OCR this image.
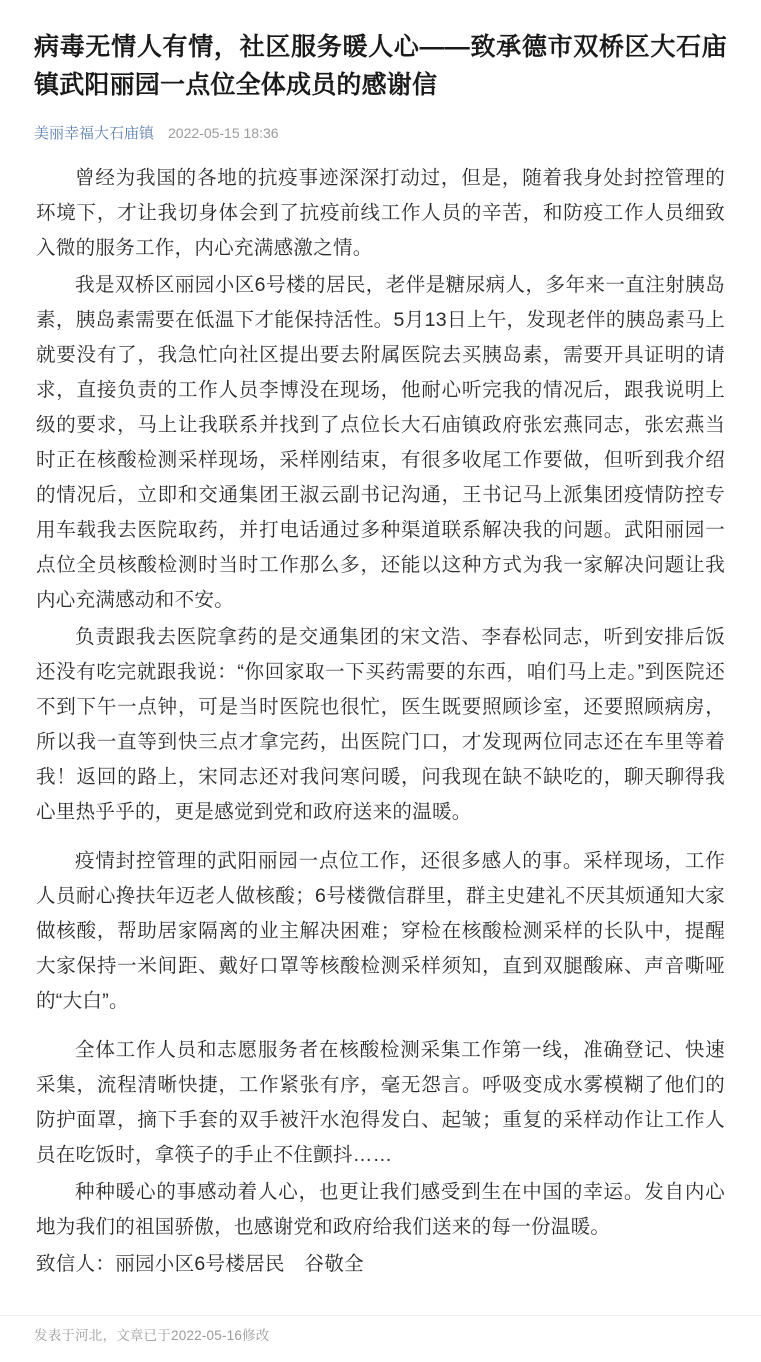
病毒无情人有情，社区服务暖人心——致承德市双桥区大石庙镇武阳丽园一点位全体成员的感谢信
美丽幸福大石庙镇 2022-05-15 18:36

曾经为我国的各地的抗疫事迹深深打动过，但是，随着我身处封控管理的环境下，才让我切身体会到了抗疫前线工作人员的辛苦，和防疫工作人员细致入微的服务工作，内心充满感激之情。

我是双桥区丽园小区6号楼的居民，老伴是糖尿病人，多年来一直注射胰岛素，胰岛素需要在低温下才能保持活性。5月13日上午，发现老伴的胰岛素马上就要没有了，我急忙向社区提出要去附属医院去买胰岛素，需要开具证明的请求，直接负责的工作人员李博没在现场，他耐心听完我的情况后，跟我说明上级的要求，马上让我联系并找到了点位长大石庙镇政府张宏燕同志，张宏燕当时正在核酸检测采样现场，采样刚结束，有很多收尾工作要做，但听到我介绍的情况后，立即和交通集团王淑云副书记沟通，王书记马上派集团疫情防控专用车载我去医院取药，并打电话通过多种渠道联系解决我的问题。武阳丽园一点位全员核酸检测时当时工作那么多，还能以这种方式为我一家解决问题让我内心充满感动和不安。

负责跟我去医院拿药的是交通集团的宋文浩、李春松同志，听到安排后饭还没有吃完就跟我说：“你回家取一下买药需要的东西，咱们马上走。”到医院还不到下午一点钟，可是当时医院也很忙，医生既要照顾诊室，还要照顾病房，所以我一直等到快三点才拿完药，出医院门口，才发现两位同志还在车里等着我！返回的路上，宋同志还对我问寒问暖，问我现在缺不缺吃的，聊天聊得我心里热乎乎的，更是感觉到党和政府送来的温暖。

疫情封控管理的武阳丽园一点位工作，还很多感人的事。采样现场，工作人员耐心搀扶年迈老人做核酸；6号楼微信群里，群主史建礼不厌其烦通知大家做核酸，帮助居家隔离的业主解决困难；穿检在核酸检测采样的长队中，提醒大家保持一米间距、戴好口罩等核酸检测采样须知，直到双腿酸麻、声音嘶哑的“大白”。

全体工作人员和志愿服务者在核酸检测采集工作第一线，准确登记、快速采集，流程清晰快捷，工作紧张有序，毫无怨言。呼吸变成水雾模糊了他们的防护面罩，摘下手套的双手被汗水泡得发白、起皱；重复的采样动作让工作人员在吃饭时，拿筷子的手止不住颤抖……

种种暖心的事感动着人心，也更让我们感受到生在中国的幸运。发自内心地为我们的祖国骄傲，也感谢党和政府给我们送来的每一份温暖。

致信人：丽园小区6号楼居民　谷敬全

发表于河北，文章已于2022-05-16修改
